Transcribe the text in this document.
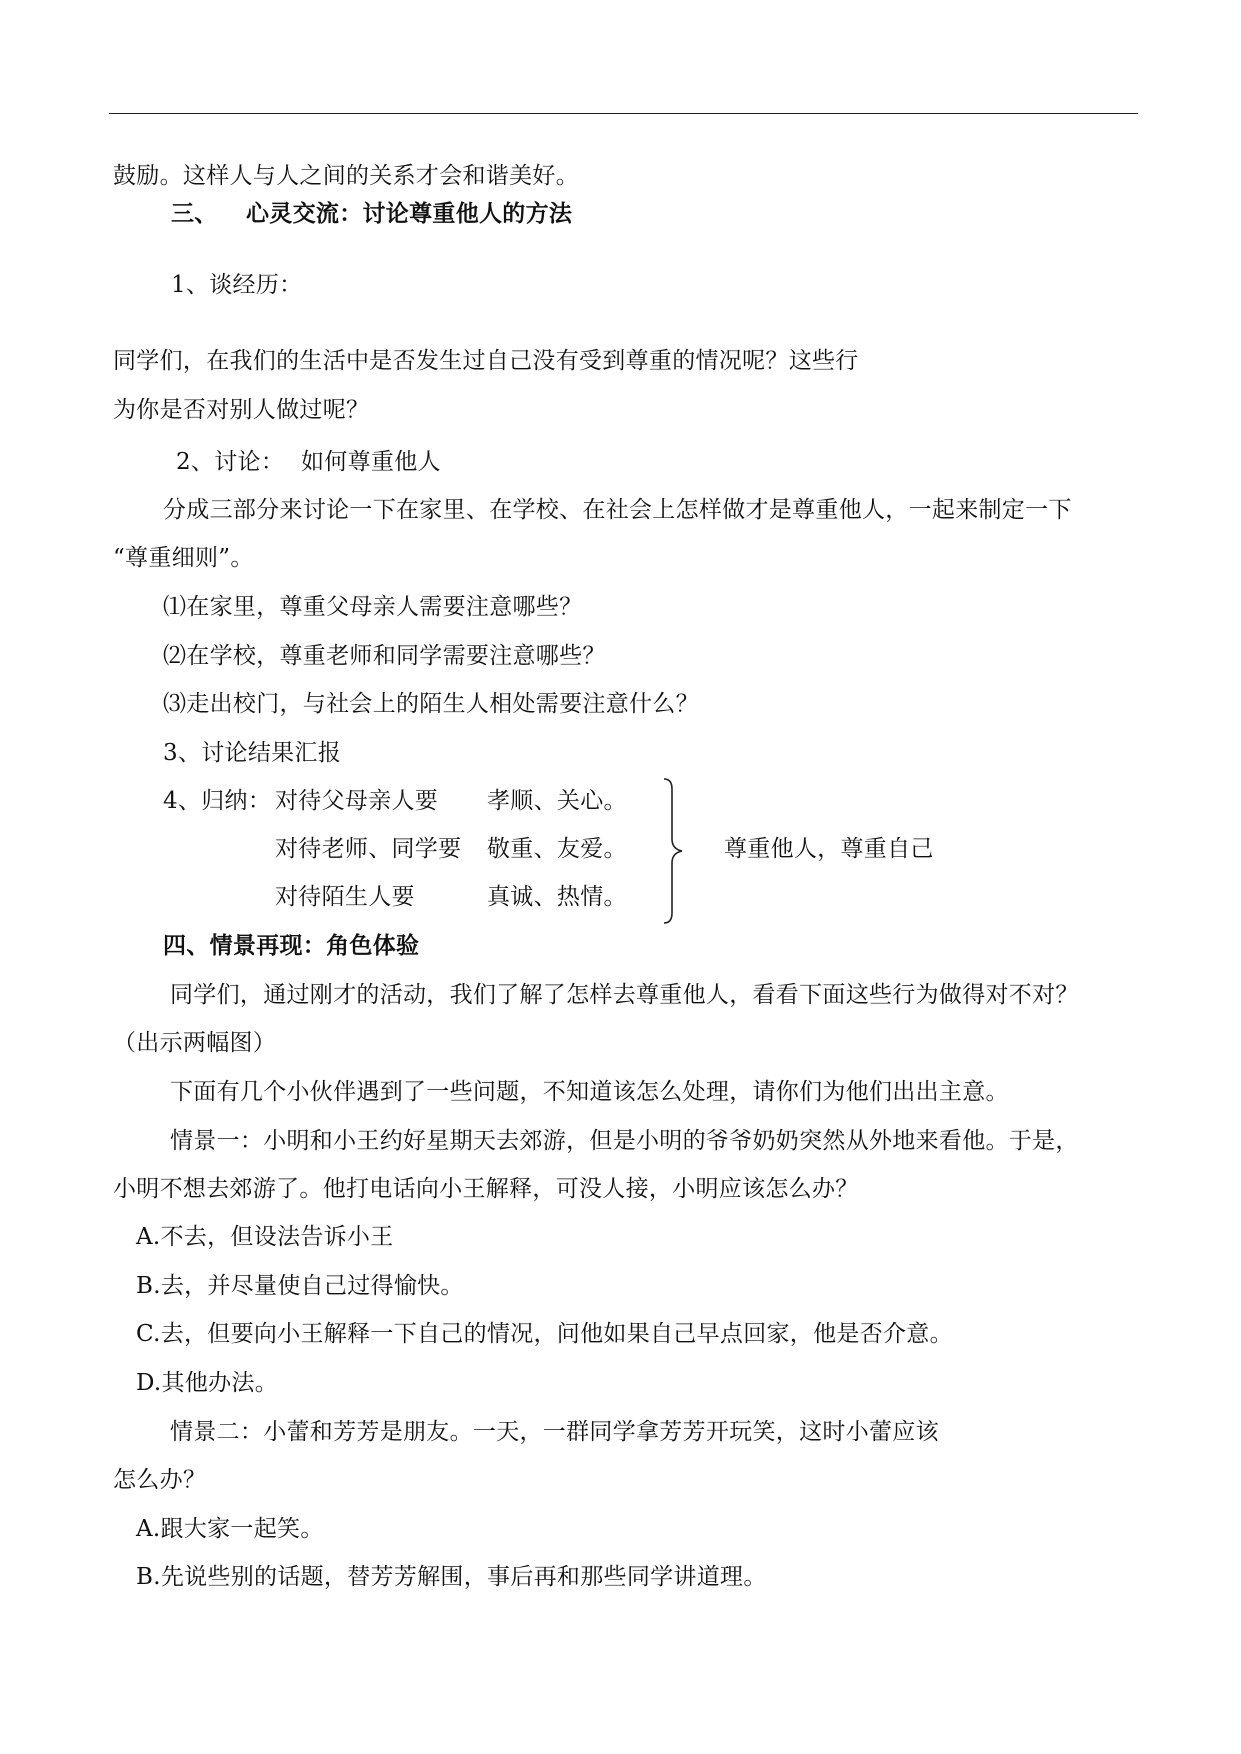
鼓励。这样人与人之间的关系才会和谐美好。
三、 心灵交流：讨论尊重他人的方法
1、谈经历：
同学们，在我们的生活中是否发生过自己没有受到尊重的情况呢？这些行
为你是否对别人做过呢？
2、讨论： 如何尊重他人
分成三部分来讨论一下在家里、在学校、在社会上怎样做才是尊重他人，一起来制定一下
“尊重细则”。
⑴在家里，尊重父母亲人需要注意哪些？
⑵在学校，尊重老师和同学需要注意哪些？
⑶走出校门，与社会上的陌生人相处需要注意什么？
3、讨论结果汇报
4、归纳： 对待父母亲人要 孝顺、关心。
对待老师、同学要 敬重、友爱。	尊重他人，尊重自己
对待陌生人要	真诚、热情。
四、情景再现：角色体验
同学们，通过刚才的活动，我们了解了怎样去尊重他人，看看下面这些行为做得对不对？
（出示两幅图）
下面有几个小伙伴遇到了一些问题，不知道该怎么处理，请你们为他们出出主意。
情景一：小明和小王约好星期天去郊游，但是小明的爷爷奶奶突然从外地来看他。于是，
小明不想去郊游了。他打电话向小王解释，可没人接，小明应该怎么办？
A.不去，但设法告诉小王
B.去，并尽量使自己过得愉快。
C.去，但要向小王解释一下自己的情况，问他如果自己早点回家，他是否介意。
D.其他办法。
情景二：小蕾和芳芳是朋友。一天，一群同学拿芳芳开玩笑，这时小蕾应该
怎么办？
A.跟大家一起笑。
B.先说些别的话题，替芳芳解围，事后再和那些同学讲道理。
